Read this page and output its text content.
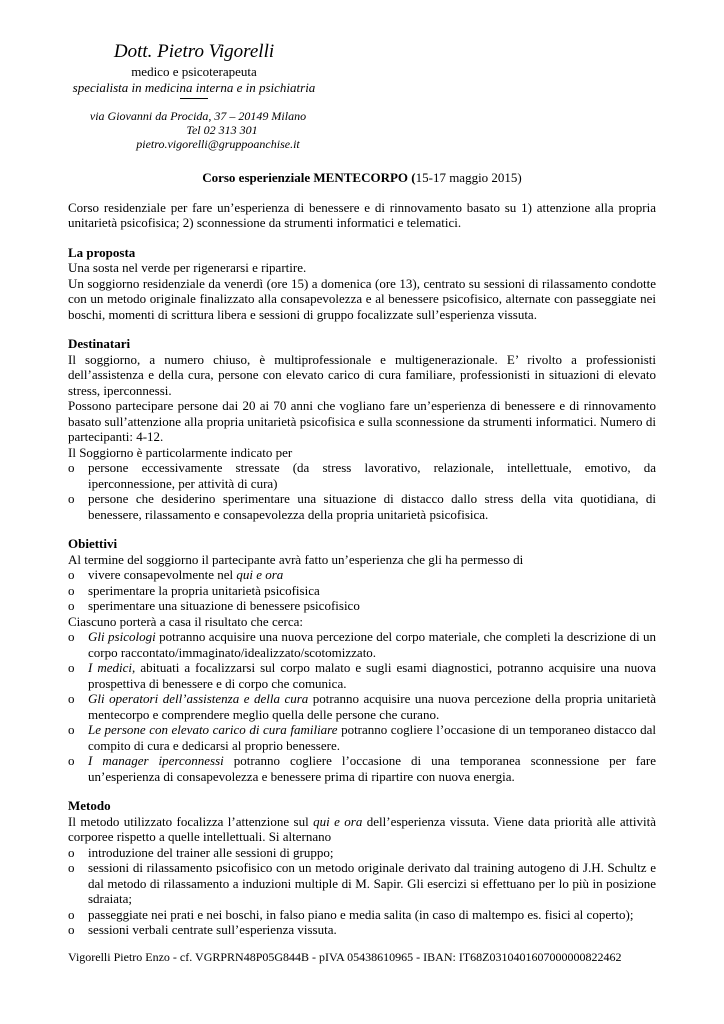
Dott. Pietro Vigorelli
medico e psicoterapeuta
specialista in medicina interna e in psichiatria
via Giovanni da Procida, 37 – 20149 Milano
Tel 02 313 301
pietro.vigorelli@gruppoanchise.it

Corso esperienziale MENTECORPO (15-17 maggio 2015)

Corso residenziale per fare un’esperienza di benessere e di rinnovamento basato su 1) attenzione alla propria unitarietà psicofisica; 2) sconnessione da strumenti informatici e telematici.

La proposta

Una sosta nel verde per rigenerarsi e ripartire.

Un soggiorno residenziale da venerdì (ore 15) a domenica (ore 13), centrato su sessioni di rilassamento condotte con un metodo originale finalizzato alla consapevolezza e al benessere psicofisico, alternate con passeggiate nei boschi, momenti di scrittura libera e sessioni di gruppo focalizzate sull’esperienza vissuta.

Destinatari

Il soggiorno, a numero chiuso, è multiprofessionale e multigenerazionale. E’ rivolto a professionisti dell’assistenza e della cura, persone con elevato carico di cura familiare, professionisti in situazioni di elevato stress, iperconnessi.

Possono partecipare persone dai 20 ai 70 anni che vogliano fare un’esperienza di benessere e di rinnovamento basato sull’attenzione alla propria unitarietà psicofisica e sulla sconnessione da strumenti informatici. Numero di partecipanti: 4-12.

Il Soggiorno è particolarmente indicato per

o persone eccessivamente stressate (da stress lavorativo, relazionale, intellettuale, emotivo, da iperconnessione, per attività di cura)
o persone che desiderino sperimentare una situazione di distacco dallo stress della vita quotidiana, di benessere, rilassamento e consapevolezza della propria unitarietà psicofisica.

Obiettivi

Al termine del soggiorno il partecipante avrà fatto un’esperienza che gli ha permesso di

o vivere consapevolmente nel qui e ora
o sperimentare la propria unitarietà psicofisica
o sperimentare una situazione di benessere psicofisico

Ciascuno porterà a casa il risultato che cerca:

o Gli psicologi potranno acquisire una nuova percezione del corpo materiale, che completi la descrizione di un corpo raccontato/immaginato/idealizzato/scotomizzato.
o I medici, abituati a focalizzarsi sul corpo malato e sugli esami diagnostici, potranno acquisire una nuova prospettiva di benessere e di corpo che comunica.
o Gli operatori dell’assistenza e della cura potranno acquisire una nuova percezione della propria unitarietà mentecorpo e comprendere meglio quella delle persone che curano.
o Le persone con elevato carico di cura familiare potranno cogliere l’occasione di un temporaneo distacco dal compito di cura e dedicarsi al proprio benessere.
o I manager iperconnessi potranno cogliere l’occasione di una temporanea sconnessione per fare un’esperienza di consapevolezza e benessere prima di ripartire con nuova energia.

Metodo

Il metodo utilizzato focalizza l’attenzione sul qui e ora dell’esperienza vissuta. Viene data priorità alle attività corporee rispetto a quelle intellettuali. Si alternano

o introduzione del trainer alle sessioni di gruppo;
o sessioni di rilassamento psicofisico con un metodo originale derivato dal training autogeno di J.H. Schultz e dal metodo di rilassamento a induzioni multiple di M. Sapir. Gli esercizi si effettuano per lo più in posizione sdraiata;
o passeggiate nei prati e nei boschi, in falso piano e media salita (in caso di maltempo es. fisici al coperto);
o sessioni verbali centrate sull’esperienza vissuta.
Vigorelli Pietro Enzo - cf. VGRPRN48P05G844B - pIVA 05438610965 - IBAN: IT68Z0310401607000000822462
